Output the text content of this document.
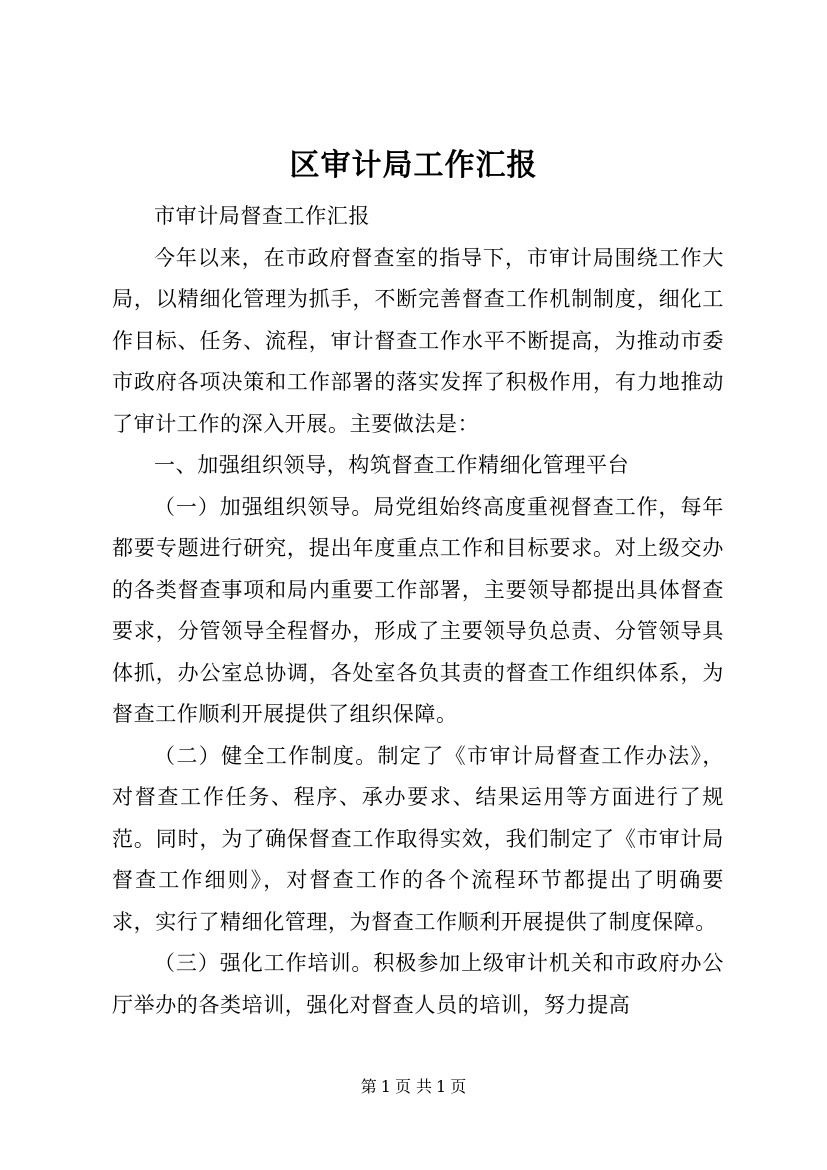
区审计局工作汇报

市审计局督查工作汇报

今年以来，在市政府督查室的指导下，市审计局围绕工作大局，以精细化管理为抓手，不断完善督查工作机制制度，细化工作目标、任务、流程，审计督查工作水平不断提高，为推动市委市政府各项决策和工作部署的落实发挥了积极作用，有力地推动了审计工作的深入开展。主要做法是：

一、加强组织领导，构筑督查工作精细化管理平台

（一）加强组织领导。局党组始终高度重视督查工作，每年都要专题进行研究，提出年度重点工作和目标要求。对上级交办的各类督查事项和局内重要工作部署，主要领导都提出具体督查要求，分管领导全程督办，形成了主要领导负总责、分管领导具体抓，办公室总协调，各处室各负其责的督查工作组织体系，为督查工作顺利开展提供了组织保障。

（二）健全工作制度。制定了《市审计局督查工作办法》，对督查工作任务、程序、承办要求、结果运用等方面进行了规范。同时，为了确保督查工作取得实效，我们制定了《市审计局督查工作细则》，对督查工作的各个流程环节都提出了明确要求，实行了精细化管理，为督查工作顺利开展提供了制度保障。

（三）强化工作培训。积极参加上级审计机关和市政府办公厅举办的各类培训，强化对督查人员的培训，努力提高

第 1 页 共 1 页
